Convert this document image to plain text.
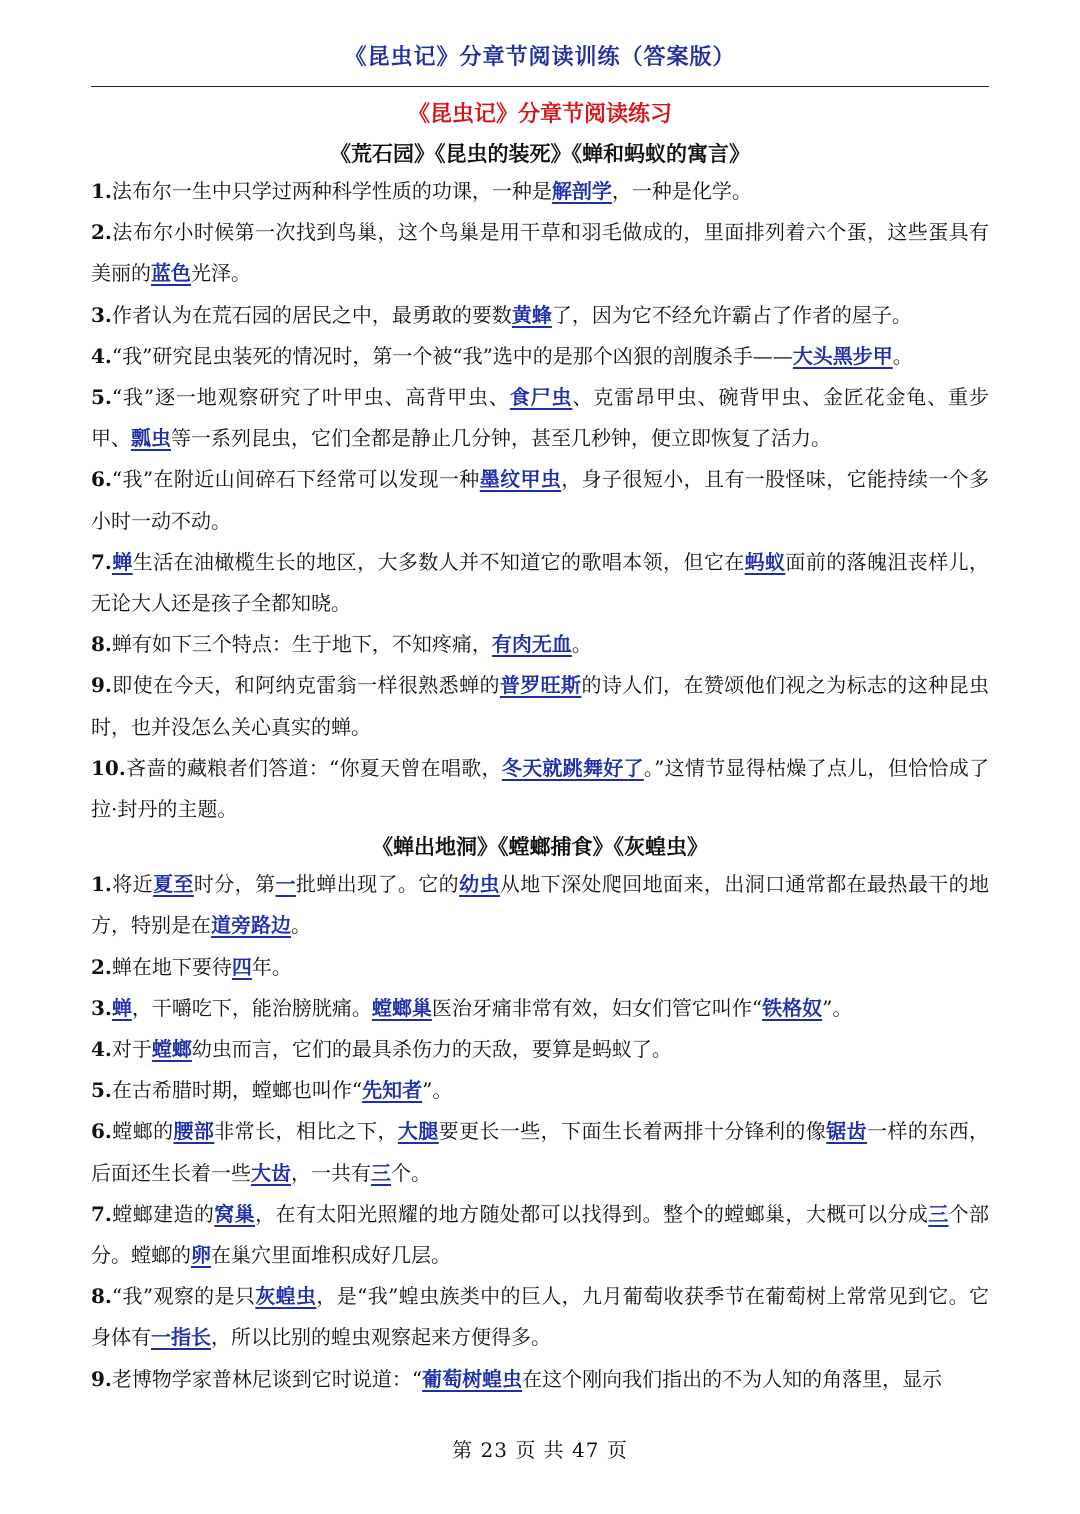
《昆虫记》分章节阅读训练（答案版）
《昆虫记》分章节阅读练习
《荒石园》《昆虫的装死》《蝉和蚂蚁的寓言》

1.法布尔一生中只学过两种科学性质的功课，一种是解剖学，一种是化学。

2.法布尔小时候第一次找到鸟巢，这个鸟巢是用干草和羽毛做成的，里面排列着六个蛋，这些蛋具有美丽的蓝色光泽。

3.作者认为在荒石园的居民之中，最勇敢的要数黄蜂了，因为它不经允许霸占了作者的屋子。

4.“我”研究昆虫装死的情况时，第一个被“我”选中的是那个凶狠的剖腹杀手——大头黑步甲。

5.“我”逐一地观察研究了叶甲虫、高背甲虫、食尸虫、克雷昂甲虫、碗背甲虫、金匠花金龟、重步甲、瓢虫等一系列昆虫，它们全都是静止几分钟，甚至几秒钟，便立即恢复了活力。

6.“我”在附近山间碎石下经常可以发现一种墨纹甲虫，身子很短小，且有一股怪味，它能持续一个多小时一动不动。

7.蝉生活在油橄榄生长的地区，大多数人并不知道它的歌唱本领，但它在蚂蚁面前的落魄沮丧样儿，无论大人还是孩子全都知晓。

8.蝉有如下三个特点：生于地下，不知疼痛，有肉无血。

9.即使在今天，和阿纳克雷翁一样很熟悉蝉的普罗旺斯的诗人们，在赞颂他们视之为标志的这种昆虫时，也并没怎么关心真实的蝉。

10.吝啬的藏粮者们答道：“你夏天曾在唱歌，冬天就跳舞好了。”这情节显得枯燥了点儿，但恰恰成了拉·封丹的主题。

《蝉出地洞》《螳螂捕食》《灰蝗虫》

1.将近夏至时分，第一批蝉出现了。它的幼虫从地下深处爬回地面来，出洞口通常都在最热最干的地方，特别是在道旁路边。

2.蝉在地下要待四年。

3.蝉，干嚼吃下，能治膀胱痛。螳螂巢医治牙痛非常有效，妇女们管它叫作“铁格奴”。

4.对于螳螂幼虫而言，它们的最具杀伤力的天敌，要算是蚂蚁了。

5.在古希腊时期，螳螂也叫作“先知者”。

6.螳螂的腰部非常长，相比之下，大腿要更长一些，下面生长着两排十分锋利的像锯齿一样的东西，后面还生长着一些大齿，一共有三个。

7.螳螂建造的窝巢，在有太阳光照耀的地方随处都可以找得到。整个的螳螂巢，大概可以分成三个部分。螳螂的卵在巢穴里面堆积成好几层。

8.“我”观察的是只灰蝗虫，是“我”蝗虫族类中的巨人，九月葡萄收获季节在葡萄树上常常见到它。它身体有一指长，所以比别的蝗虫观察起来方便得多。

9.老博物学家普林尼谈到它时说道：“葡萄树蝗虫在这个刚向我们指出的不为人知的角落里，显示

第 23 页 共 47 页
